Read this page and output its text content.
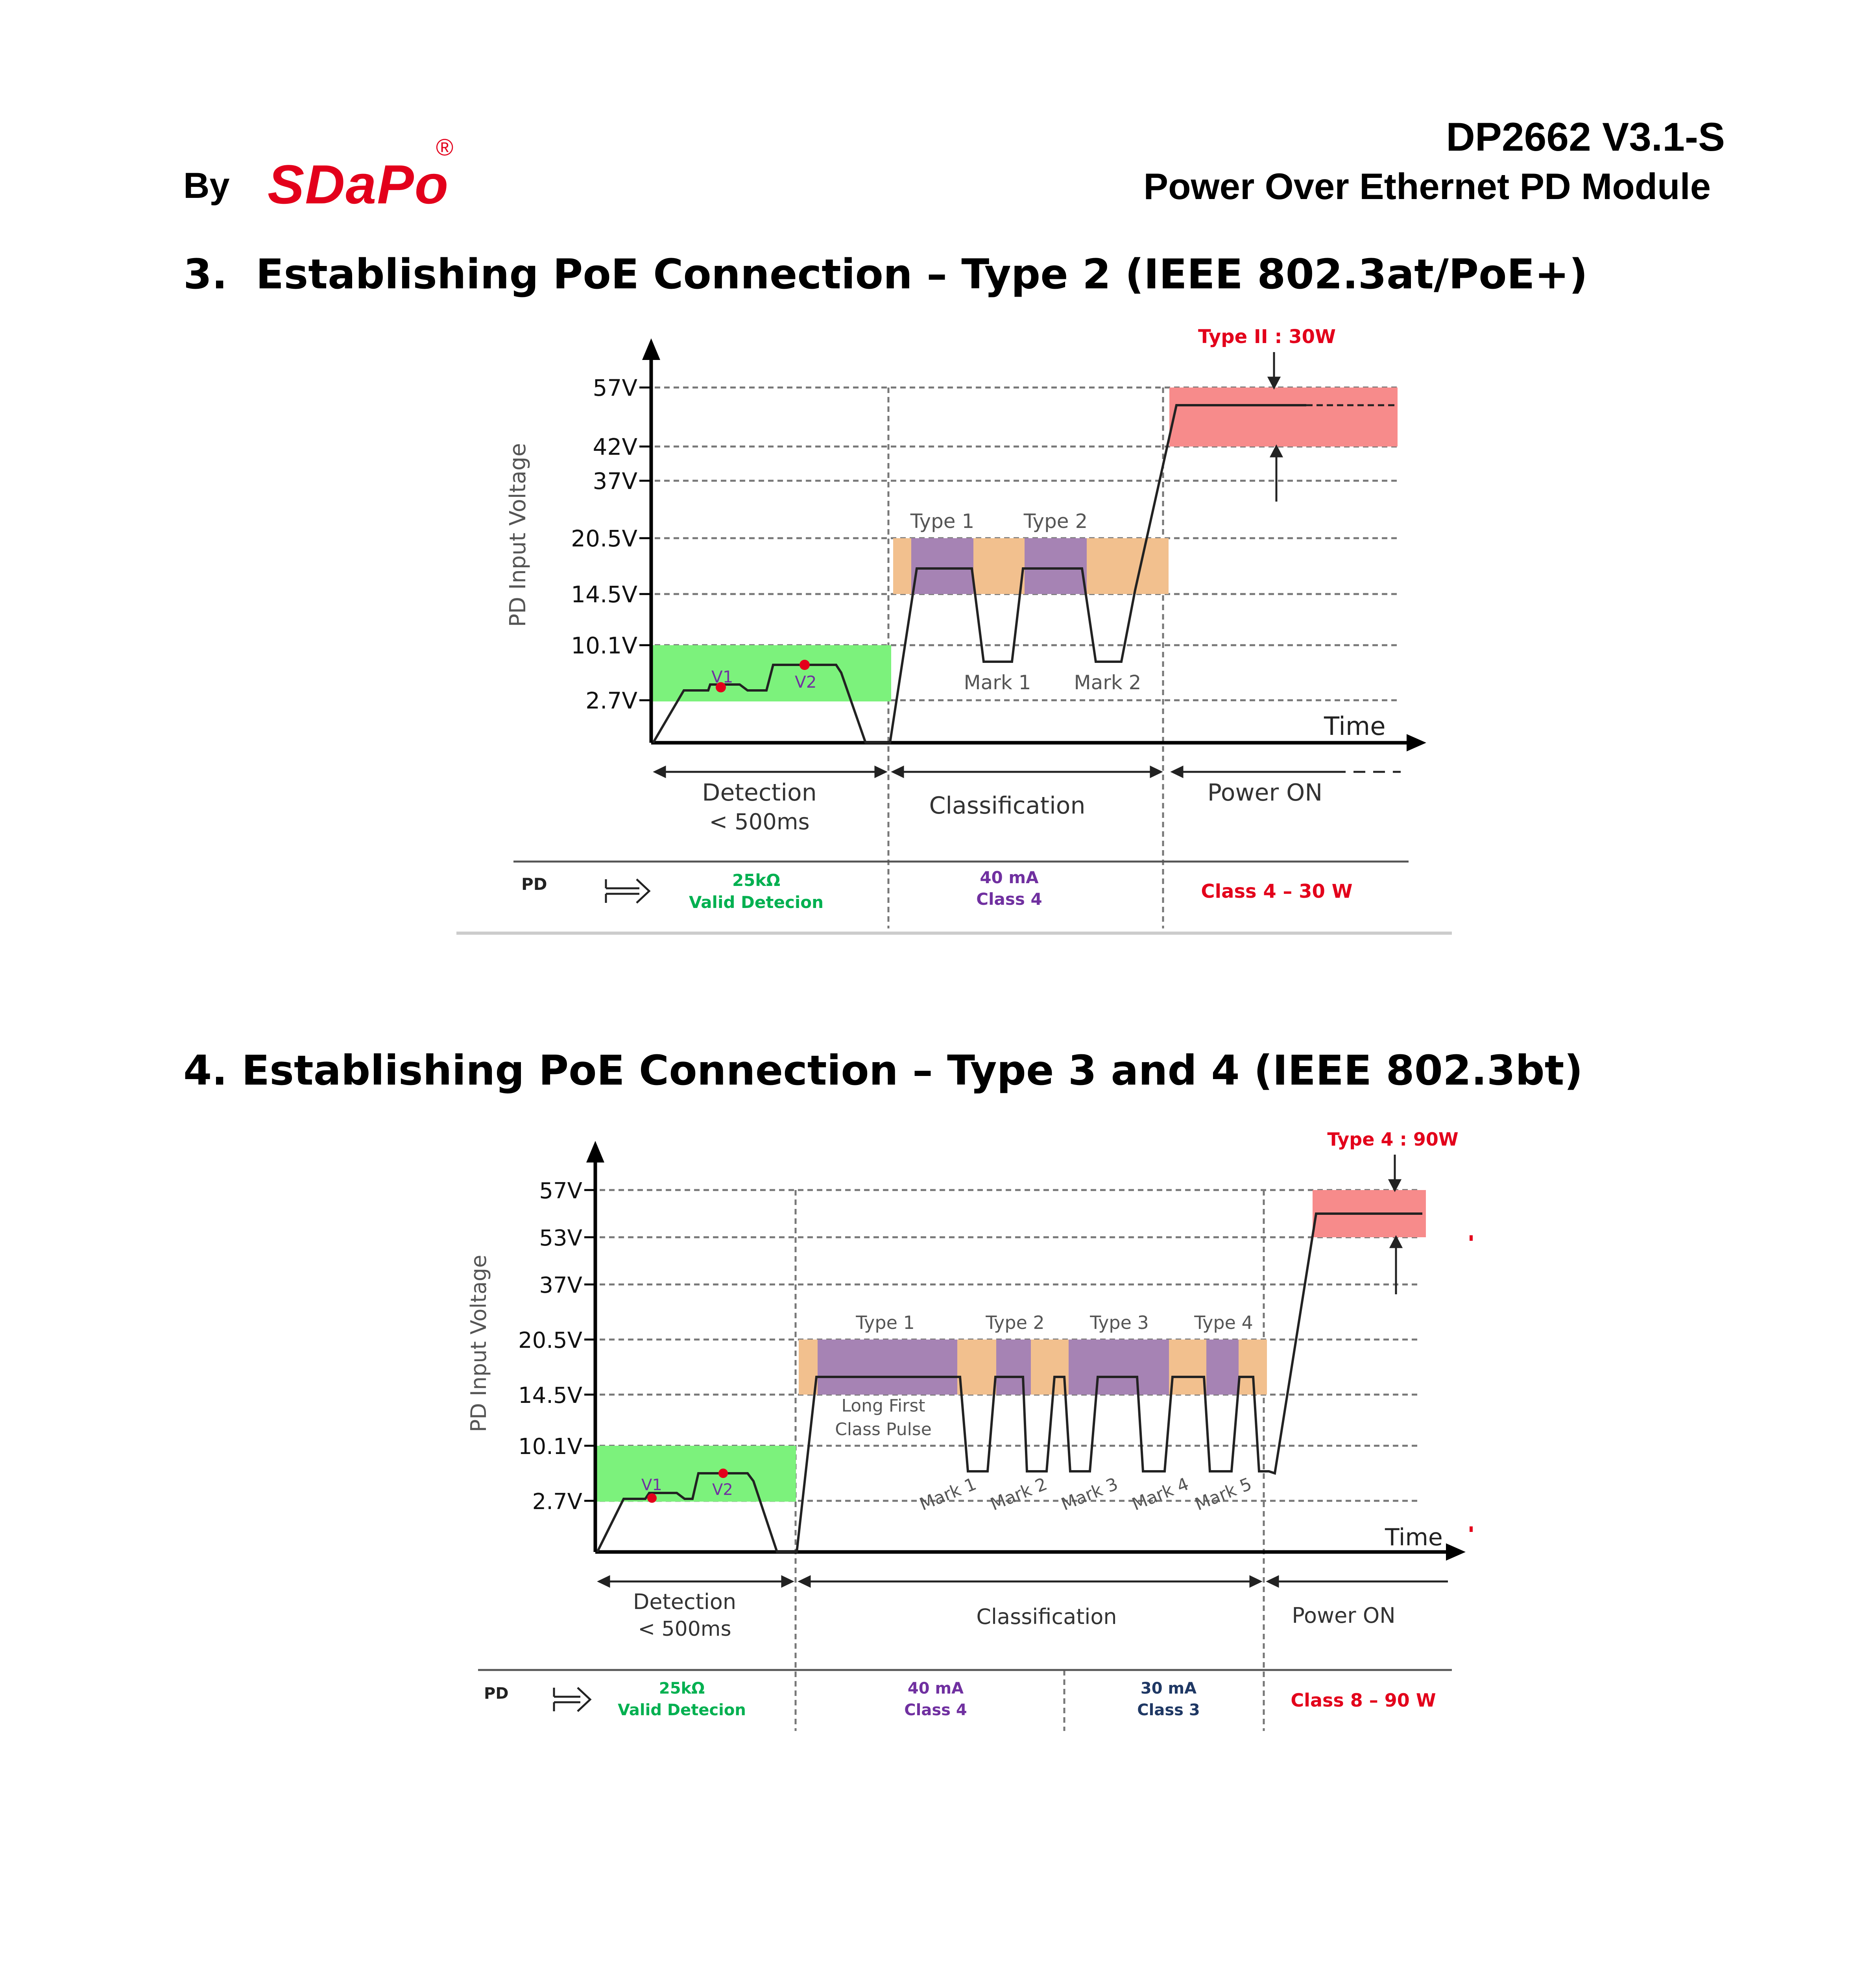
By SDaPo
®	DP2662 V3.1-S
Power Over Ethernet PD Module
3.  Establishing PoE Connection – Type 2 (IEEE 802.3at/PoE+)
PD Input Voltage
57V
42V
37V
20.5V
14.5V
10.1V
2.7V
Time
Type II : 30W
V1	V2
Type 1	Type 2
Mark 1 Mark 2
Detection
< 500ms
Classification	Power ON
PD	25kΩ
Valid Detecion
40 mA
Class 4	Class 4 – 30 W
4. Establishing PoE Connection – Type 3 and 4 (IEEE 802.3bt)
PD Input Voltage
57V
53V
37V
20.5V
14.5V
10.1V
2.7V
Time
Type 4 : 90W
V1	V2
Type 1	Type 2	Type 3	Type 4
Long First
Class Pulse
Mark 1 Mark 2 Mark 3 Mark 4 Mark 5
Detection
< 500ms	Classification	Power ON
PD	25kΩ
Valid Detecion
40 mA
Class 4
30 mA
Class 3	Class 8 – 90 W
